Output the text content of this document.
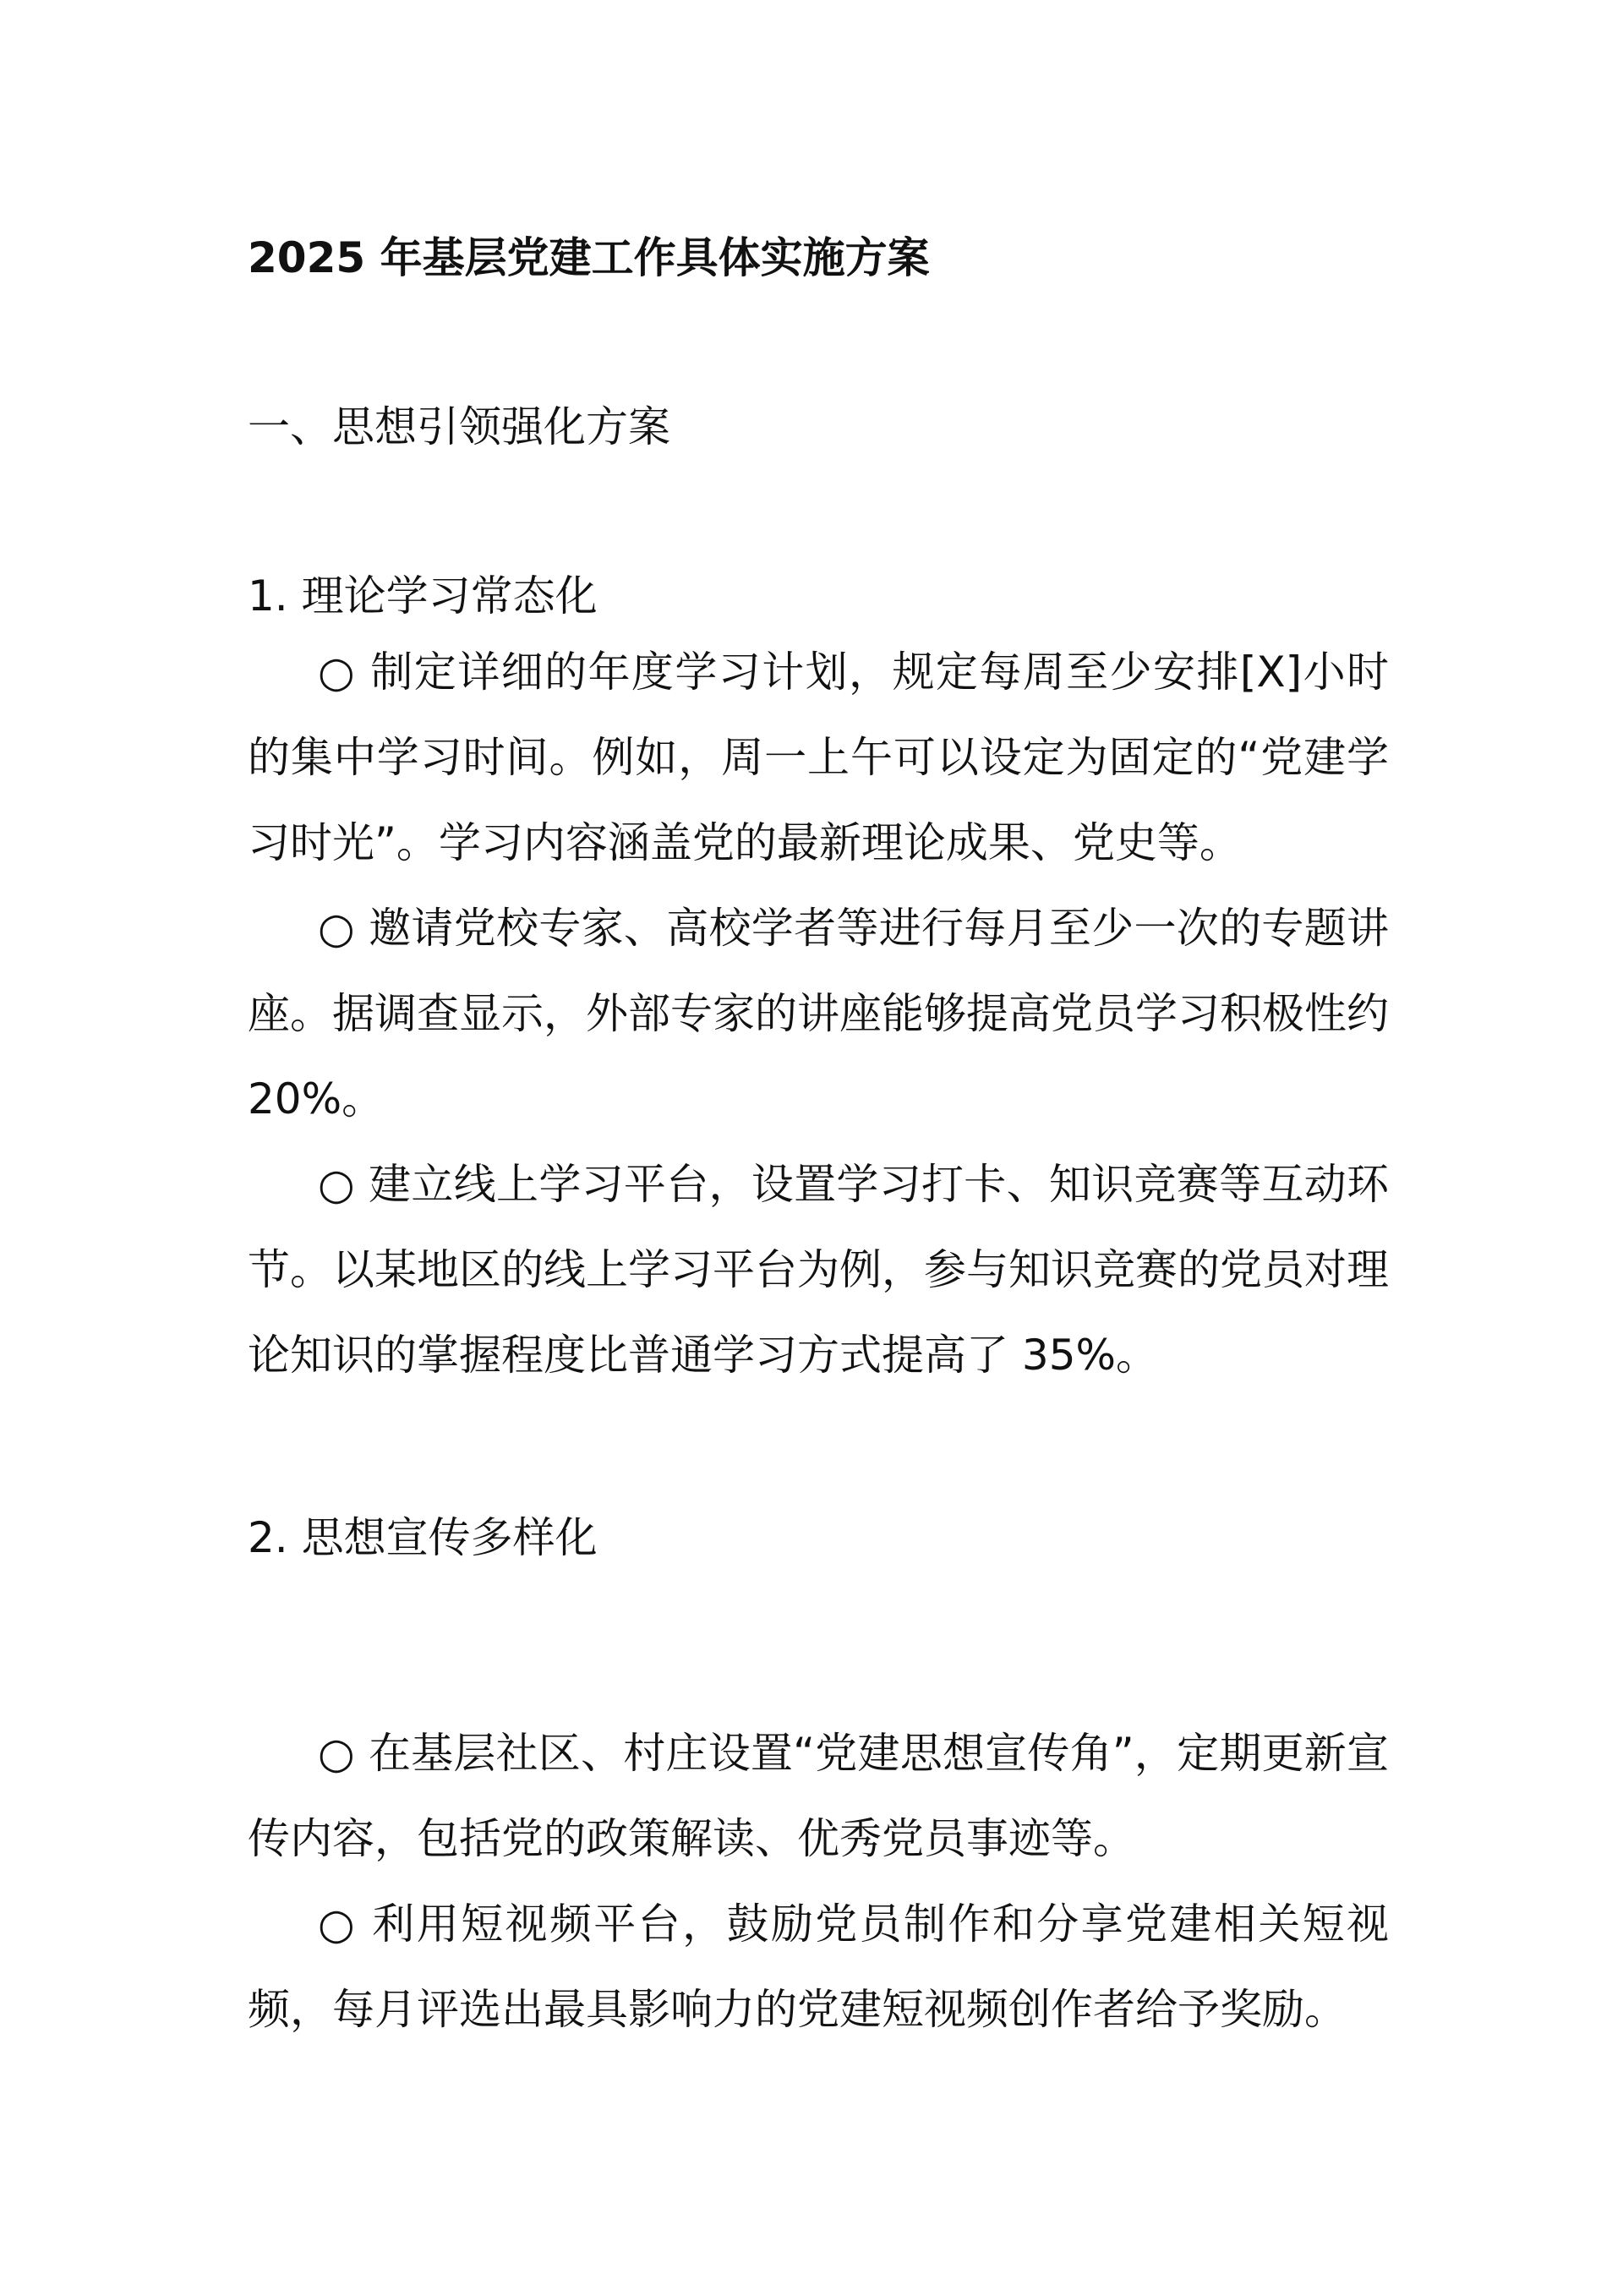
2025 年基层党建工作具体实施方案
一、思想引领强化方案
1. 理论学习常态化

○ 制定详细的年度学习计划，规定每周至少安排[X]小时的集中学习时间。例如，周一上午可以设定为固定的“党建学习时光”。学习内容涵盖党的最新理论成果、党史等。

○ 邀请党校专家、高校学者等进行每月至少一次的专题讲座。据调查显示，外部专家的讲座能够提高党员学习积极性约 20%。

○ 建立线上学习平台，设置学习打卡、知识竞赛等互动环节。以某地区的线上学习平台为例，参与知识竞赛的党员对理论知识的掌握程度比普通学习方式提高了 35%。

2. 思想宣传多样化

○ 在基层社区、村庄设置“党建思想宣传角”，定期更新宣传内容，包括党的政策解读、优秀党员事迹等。

○ 利用短视频平台，鼓励党员制作和分享党建相关短视频，每月评选出最具影响力的党建短视频创作者给予奖励。
